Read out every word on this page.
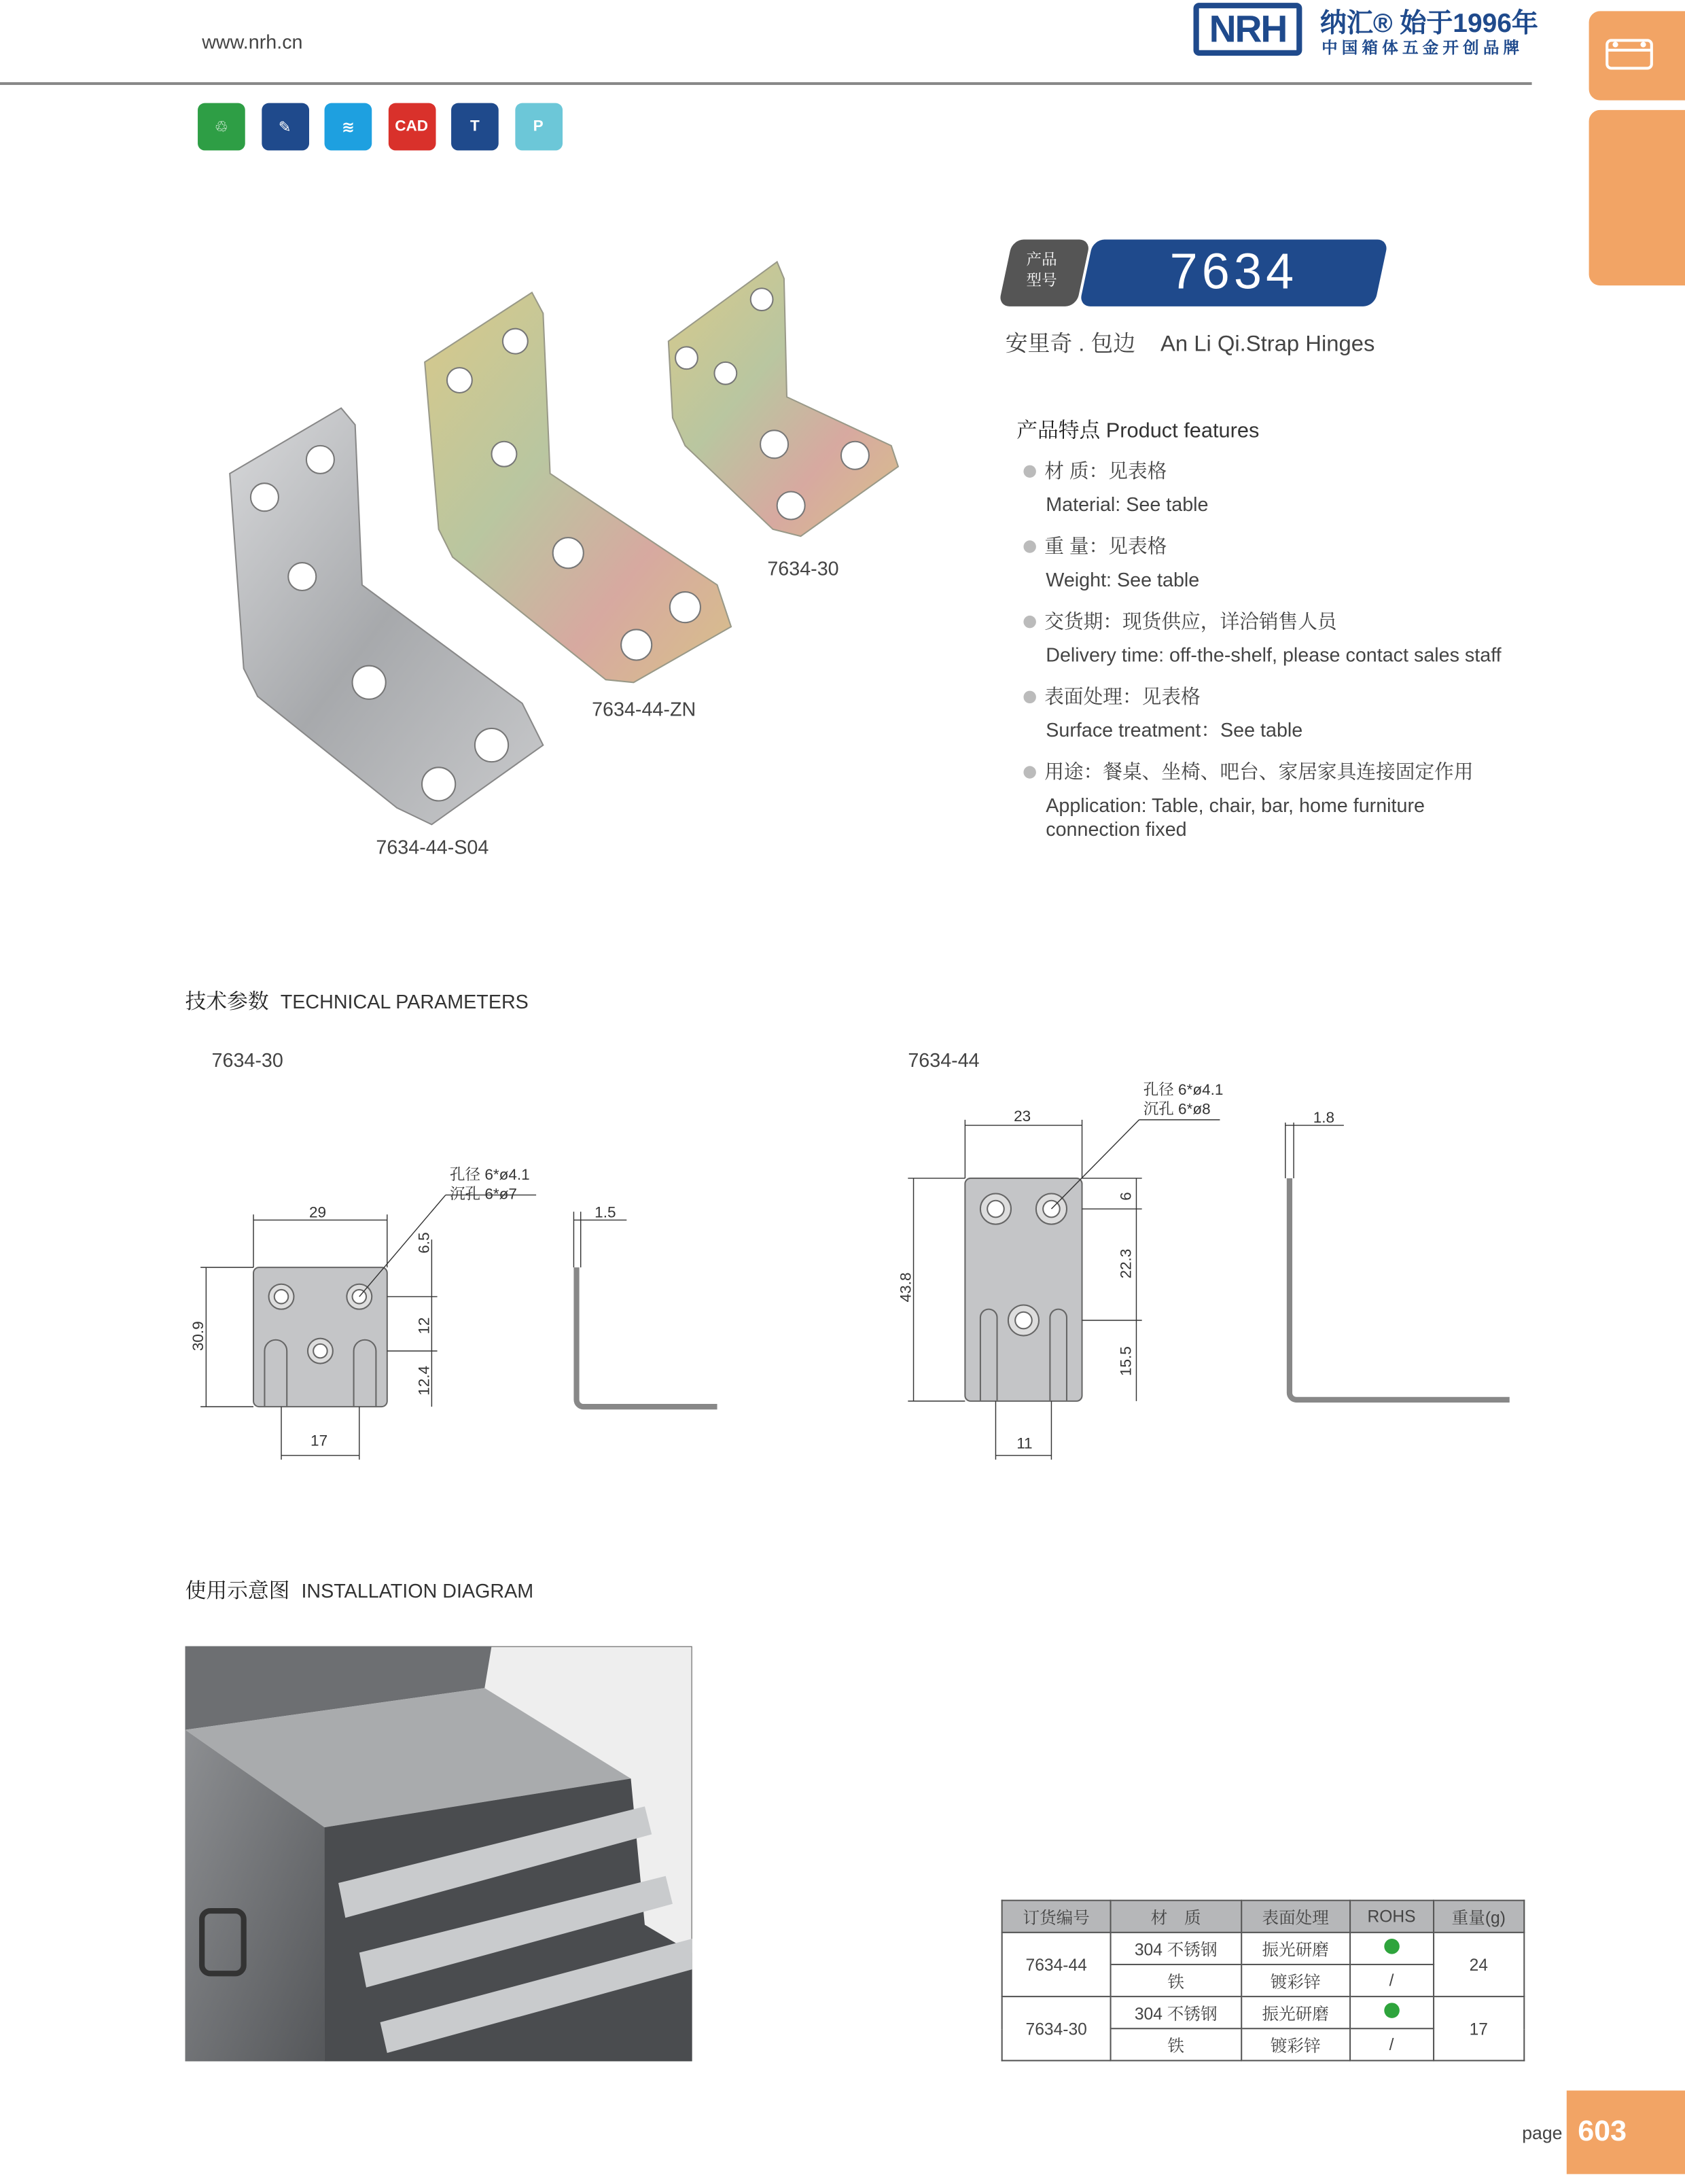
www.nrh.cn	NRH	纳汇® 始于1996年
中国箱体五金开创品牌
♲	✎	≋	CAD	T	P
7634-44-S04
7634-44-ZN
7634-30
产品
型号	7634
安里奇 . 包边 An Li Qi.Strap Hinges
产品特点 Product features
材 质：见表格
Material: See table
重 量：见表格
Weight: See table
交货期：现货供应，详洽销售人员
Delivery time: off-the-shelf, please contact sales staff
表面处理：见表格
Surface treatment：See table
用途：餐桌、坐椅、吧台、家居家具连接固定作用
Application: Table, chair, bar, home furniture connection fixed
技术参数 TECHNICAL PARAMETERS
7634-30	7634-44
29
30.9
17
6.5
12
12.4
孔径 6*ø4.1
沉孔 6*ø7
1.5
23
43.8
11
6
22.3
15.5
孔径 6*ø4.1
沉孔 6*ø8	1.8
使用示意图 INSTALLATION DIAGRAM
订货编号	材　质	表面处理	ROHS	重量(g)
7634-44	304 不锈钢	振光研磨		24
	铁	镀彩锌	/	
7634-30	304 不锈钢	振光研磨		17
	铁	镀彩锌	/	
page	603
